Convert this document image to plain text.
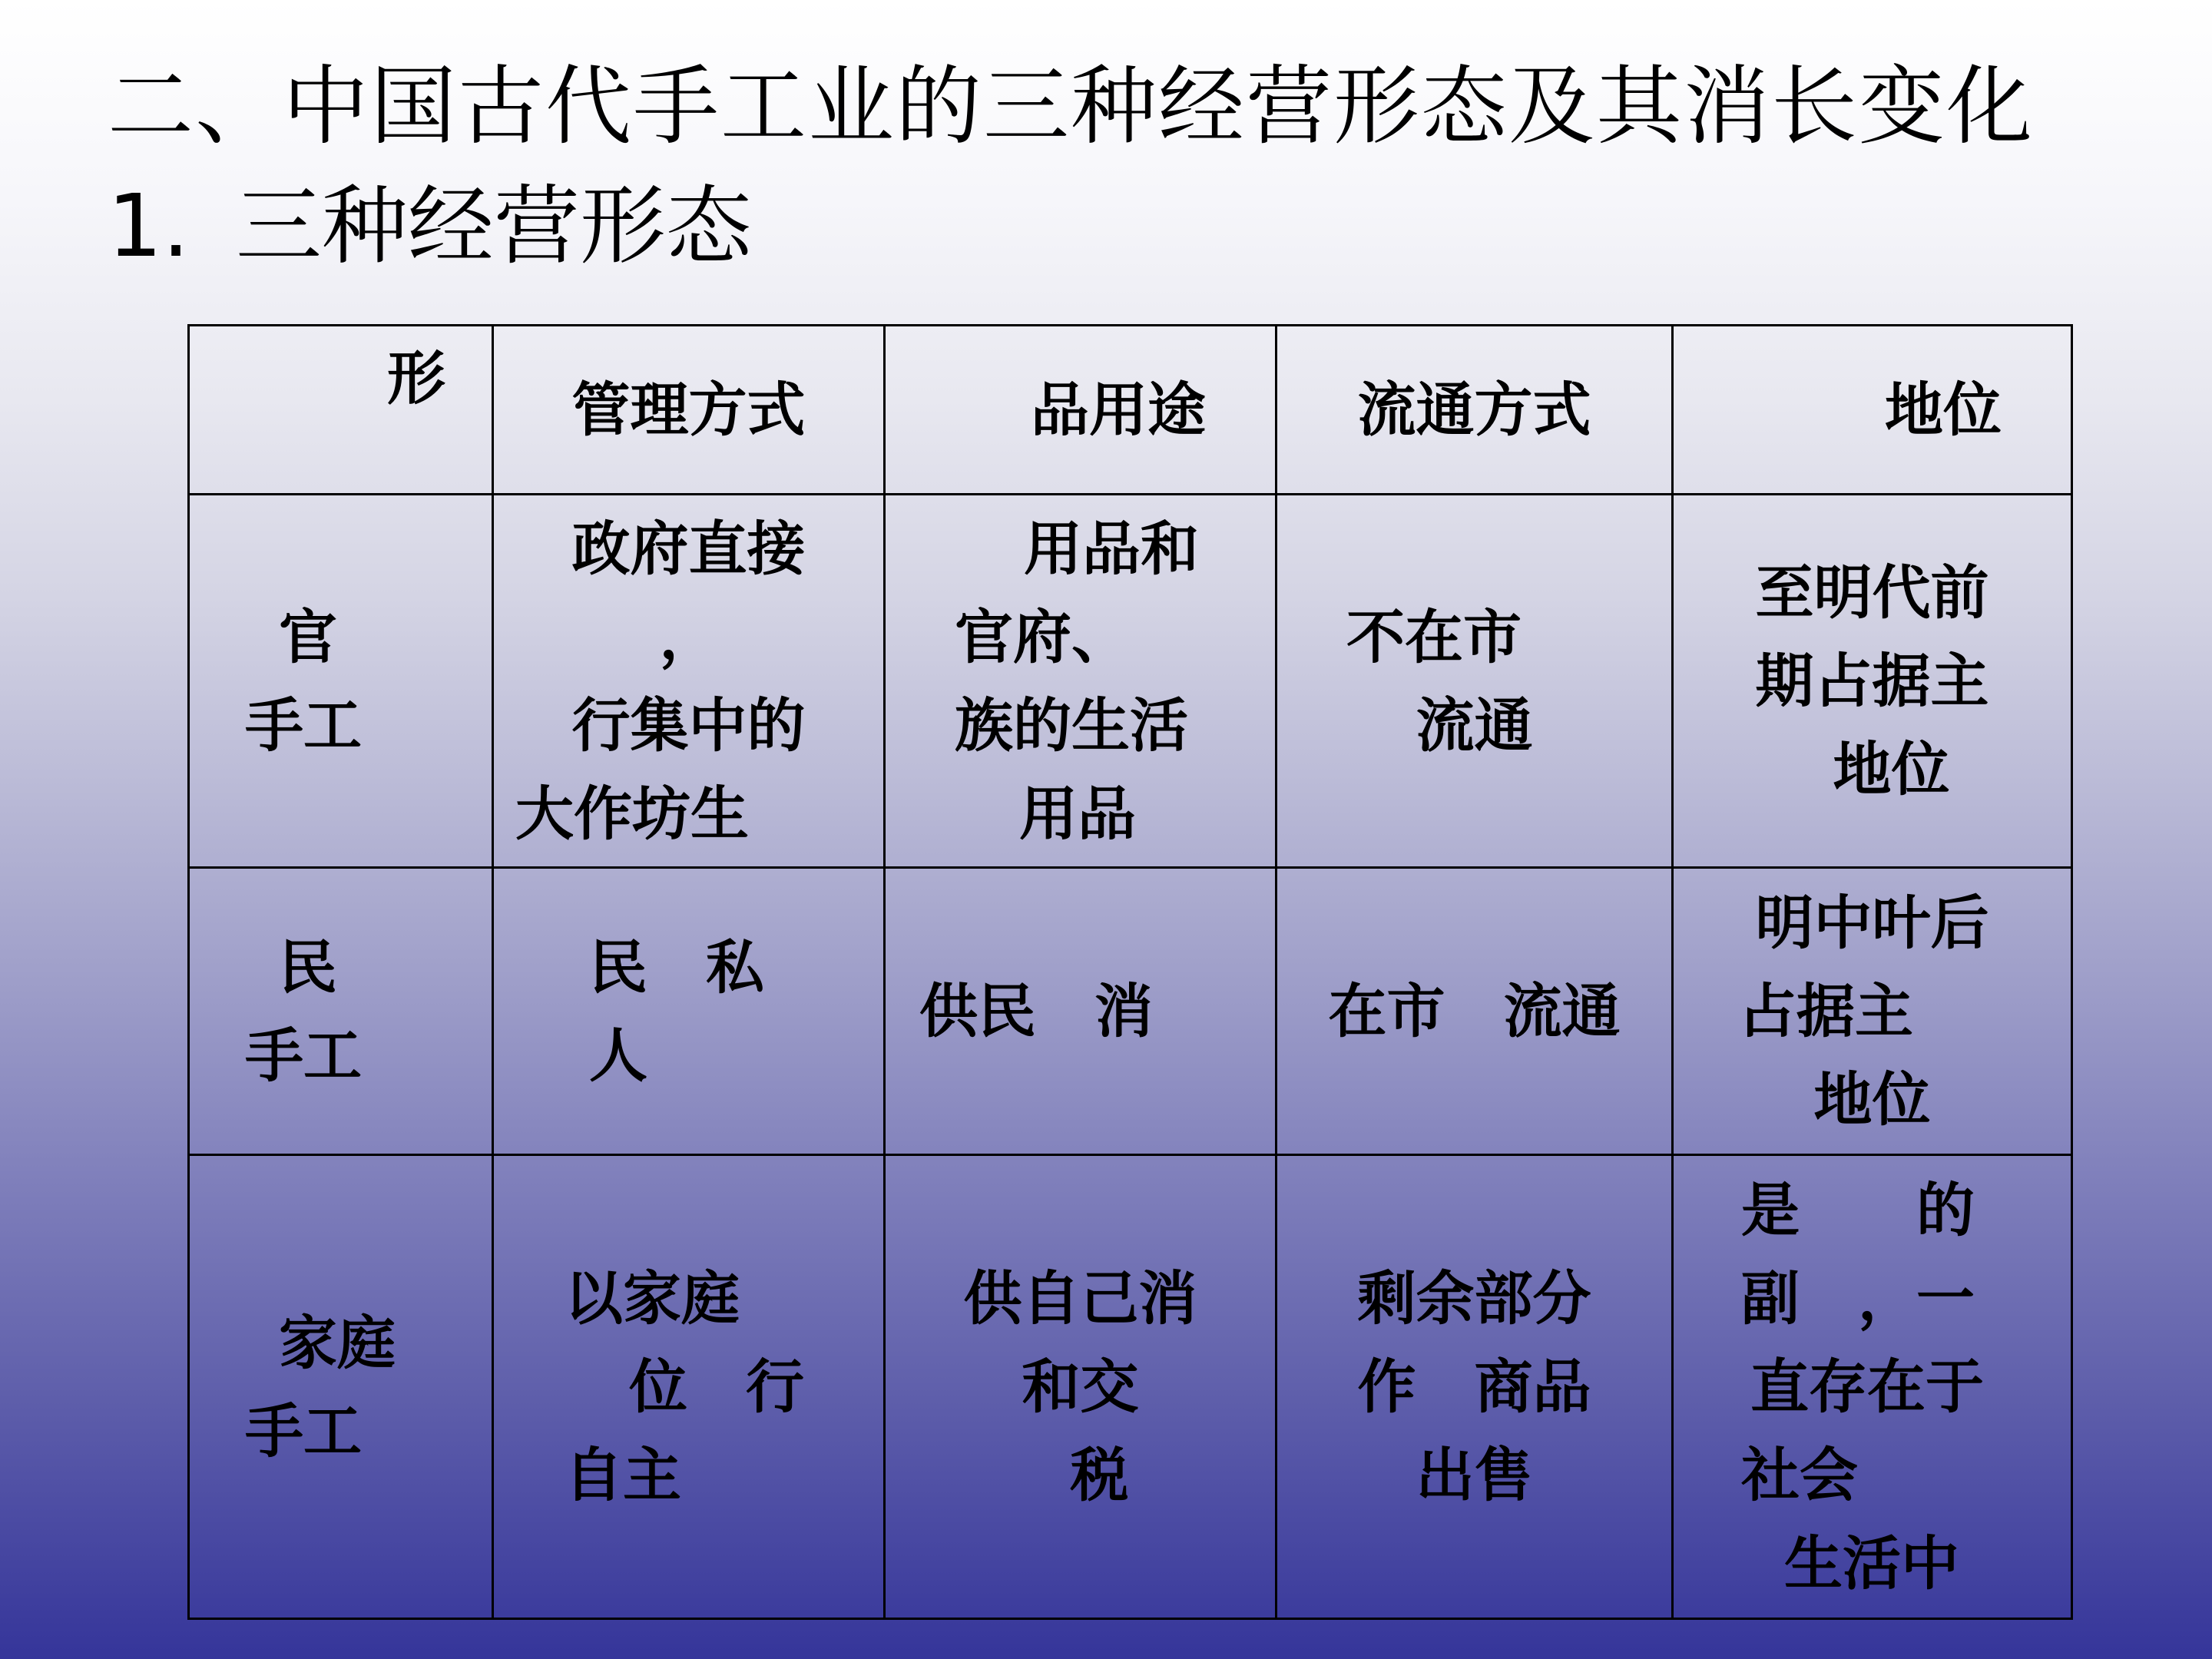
二、中国古代手工业的三种经营形态及其消长变化
1. 三种经营形态
形	管理方式	品用途	流通方式	地位

官
手工	政府直接
，
行集中的
大作坊生	用品和
官府、
族的生活
用品	不在市
流通	至明代前
期占据主
地位

民
手工	民　私
人	供民　消	在市　流通	明中叶后
占据主
地位

家庭
手工	以家庭
位　行
自主	供自己消
和交
税	剩余部分
作　商品
出售	是　　的
副　，一
直存在于
社会
生活中
